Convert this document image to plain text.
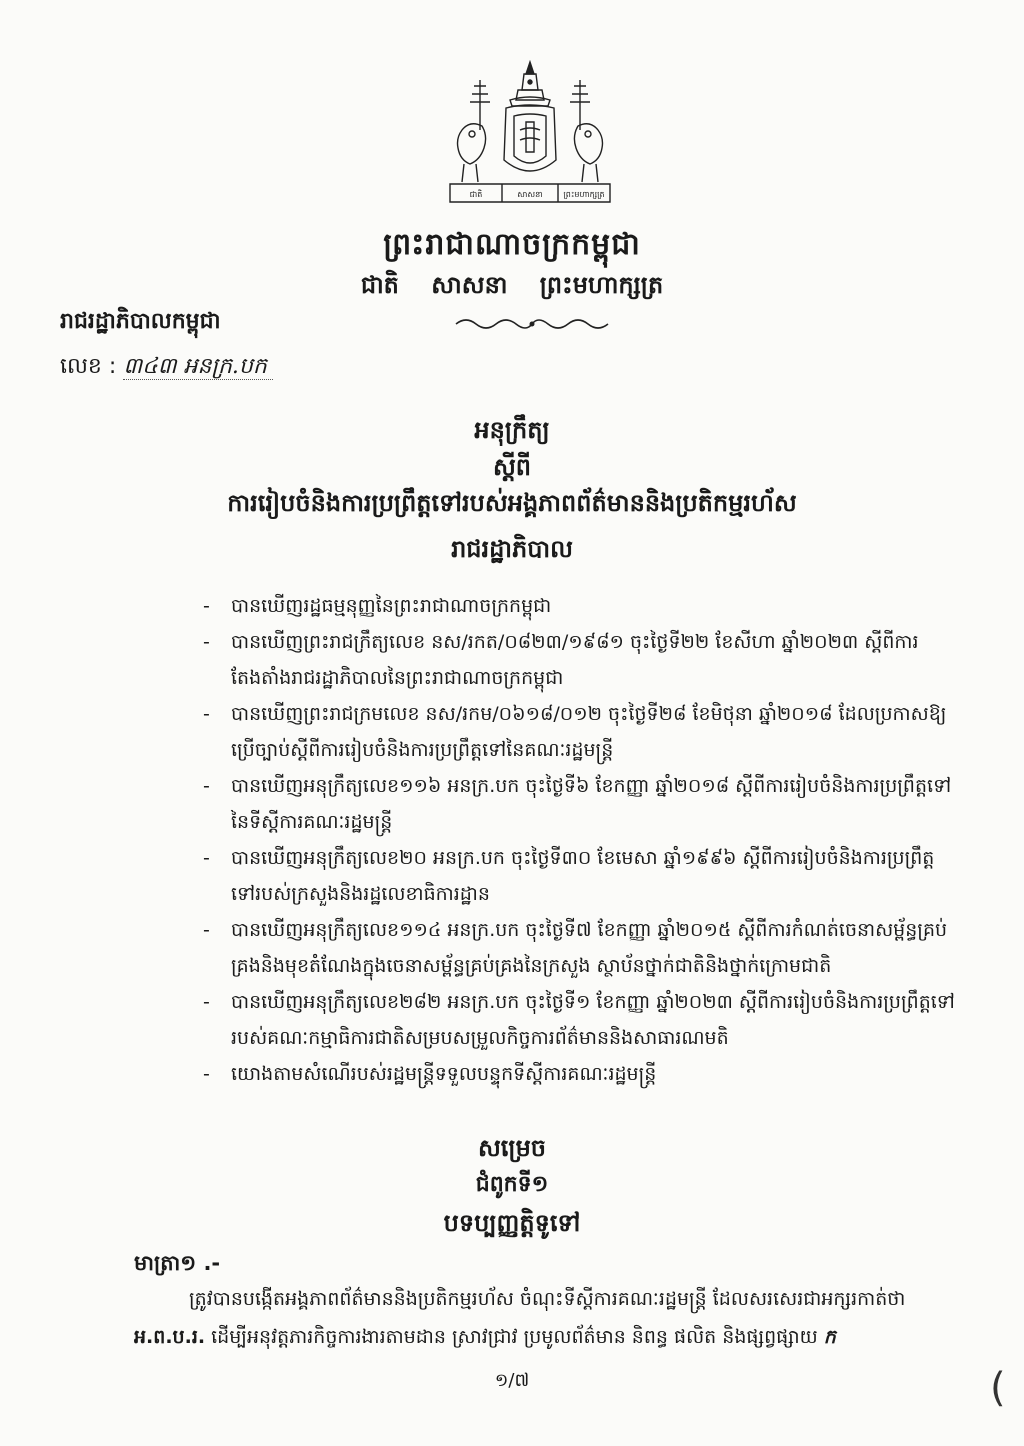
ជាតិ	សាសនា	ព្រះមហាក្សត្រ
ព្រះរាជាណាចក្រកម្ពុជា
ជាតិ សាសនា ព្រះមហាក្សត្រ
រាជរដ្ឋាភិបាលកម្ពុជា
លេខ : ៣៤៣ អនក្រ.បក
អនុក្រឹត្យ
ស្តីពី
ការរៀបចំនិងការប្រព្រឹត្តទៅរបស់អង្គភាពព័ត៌មាននិងប្រតិកម្មរហ័ស
រាជរដ្ឋាភិបាល
- បានឃើញរដ្ឋធម្មនុញ្ញនៃព្រះរាជាណាចក្រកម្ពុជា
- បានឃើញព្រះរាជក្រឹត្យលេខ នស/រកត/០៨២៣/១៩៨១ ចុះថ្ងៃទី២២ ខែសីហា ឆ្នាំ២០២៣ ស្តីពីការតែងតាំងរាជរដ្ឋាភិបាលនៃព្រះរាជាណាចក្រកម្ពុជា
- បានឃើញព្រះរាជក្រមលេខ នស/រកម/០៦១៨/០១២ ចុះថ្ងៃទី២៨ ខែមិថុនា ឆ្នាំ២០១៨ ដែលប្រកាសឱ្យប្រើច្បាប់ស្តីពីការរៀបចំនិងការប្រព្រឹត្តទៅនៃគណៈរដ្ឋមន្ត្រី
- បានឃើញអនុក្រឹត្យលេខ១១៦ អនក្រ.បក ចុះថ្ងៃទី៦ ខែកញ្ញា ឆ្នាំ២០១៨ ស្តីពីការរៀបចំនិងការប្រព្រឹត្តទៅនៃទីស្តីការគណៈរដ្ឋមន្ត្រី
- បានឃើញអនុក្រឹត្យលេខ២០ អនក្រ.បក ចុះថ្ងៃទី៣០ ខែមេសា ឆ្នាំ១៩៩៦ ស្តីពីការរៀបចំនិងការប្រព្រឹត្តទៅរបស់ក្រសួងនិងរដ្ឋលេខាធិការដ្ឋាន
- បានឃើញអនុក្រឹត្យលេខ១១៤ អនក្រ.បក ចុះថ្ងៃទី៧ ខែកញ្ញា ឆ្នាំ២០១៥ ស្តីពីការកំណត់ចេនាសម្ព័ន្ធគ្រប់គ្រងនិងមុខតំណែងក្នុងចេនាសម្ព័ន្ធគ្រប់គ្រងនៃក្រសួង ស្ថាប័នថ្នាក់ជាតិនិងថ្នាក់ក្រោមជាតិ
- បានឃើញអនុក្រឹត្យលេខ២៨២ អនក្រ.បក ចុះថ្ងៃទី១ ខែកញ្ញា ឆ្នាំ២០២៣ ស្តីពីការរៀបចំនិងការប្រព្រឹត្តទៅរបស់គណៈកម្មាធិការជាតិសម្របសម្រួលកិច្ចការព័ត៌មាននិងសាធារណមតិ
- យោងតាមសំណើរបស់រដ្ឋមន្ត្រីទទួលបន្ទុកទីស្តីការគណៈរដ្ឋមន្ត្រី
សម្រេច
ជំពូកទី១
បទប្បញ្ញត្តិទូទៅ
មាត្រា១ .-
ត្រូវបានបង្កើតអង្គភាពព័ត៌មាននិងប្រតិកម្មរហ័ស ចំណុះទីស្តីការគណៈរដ្ឋមន្ត្រី ដែលសរសេរជាអក្សរកាត់ថា អ.ព.ប.រ. ដើម្បីអនុវត្តភារកិច្ចការងារតាមដាន ស្រាវជ្រាវ ប្រមូលព័ត៌មាន និពន្ធ ផលិត និងផ្សព្វផ្សាយ ក
១/៧	(
